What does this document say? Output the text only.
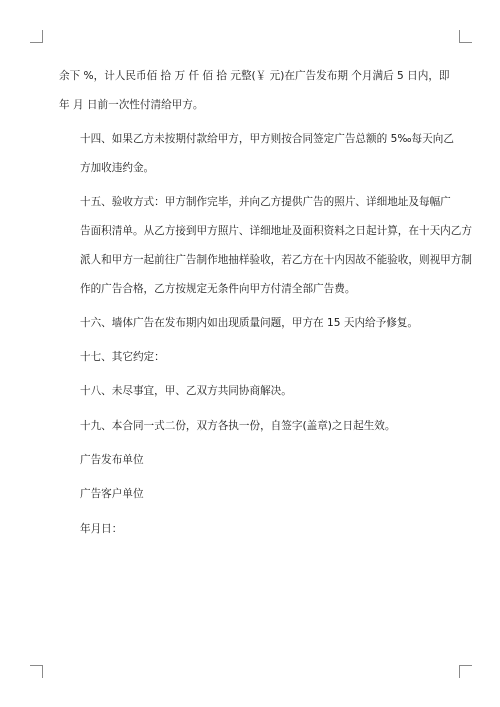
余下 %，计人民币佰 拾 万 仟 佰 拾 元整(￥ 元)在广告发布期 个月满后 5 日内，即
年 月 日前一次性付清给甲方。

十四、如果乙方未按期付款给甲方，甲方则按合同签定广告总额的 5‰每天向乙
方加收违约金。

十五、验收方式：甲方制作完毕，并向乙方提供广告的照片、详细地址及每幅广
告面积清单。从乙方接到甲方照片、详细地址及面积资料之日起计算，在十天内乙方
派人和甲方一起前往广告制作地抽样验收，若乙方在十内因故不能验收，则视甲方制
作的广告合格，乙方按规定无条件向甲方付清全部广告费。

十六、墙体广告在发布期内如出现质量问题，甲方在 15 天内给予修复。

十七、其它约定：

十八、未尽事宜，甲、乙双方共同协商解决。

十九、本合同一式二份，双方各执一份，自签字(盖章)之日起生效。

广告发布单位

广告客户单位

年月日：
